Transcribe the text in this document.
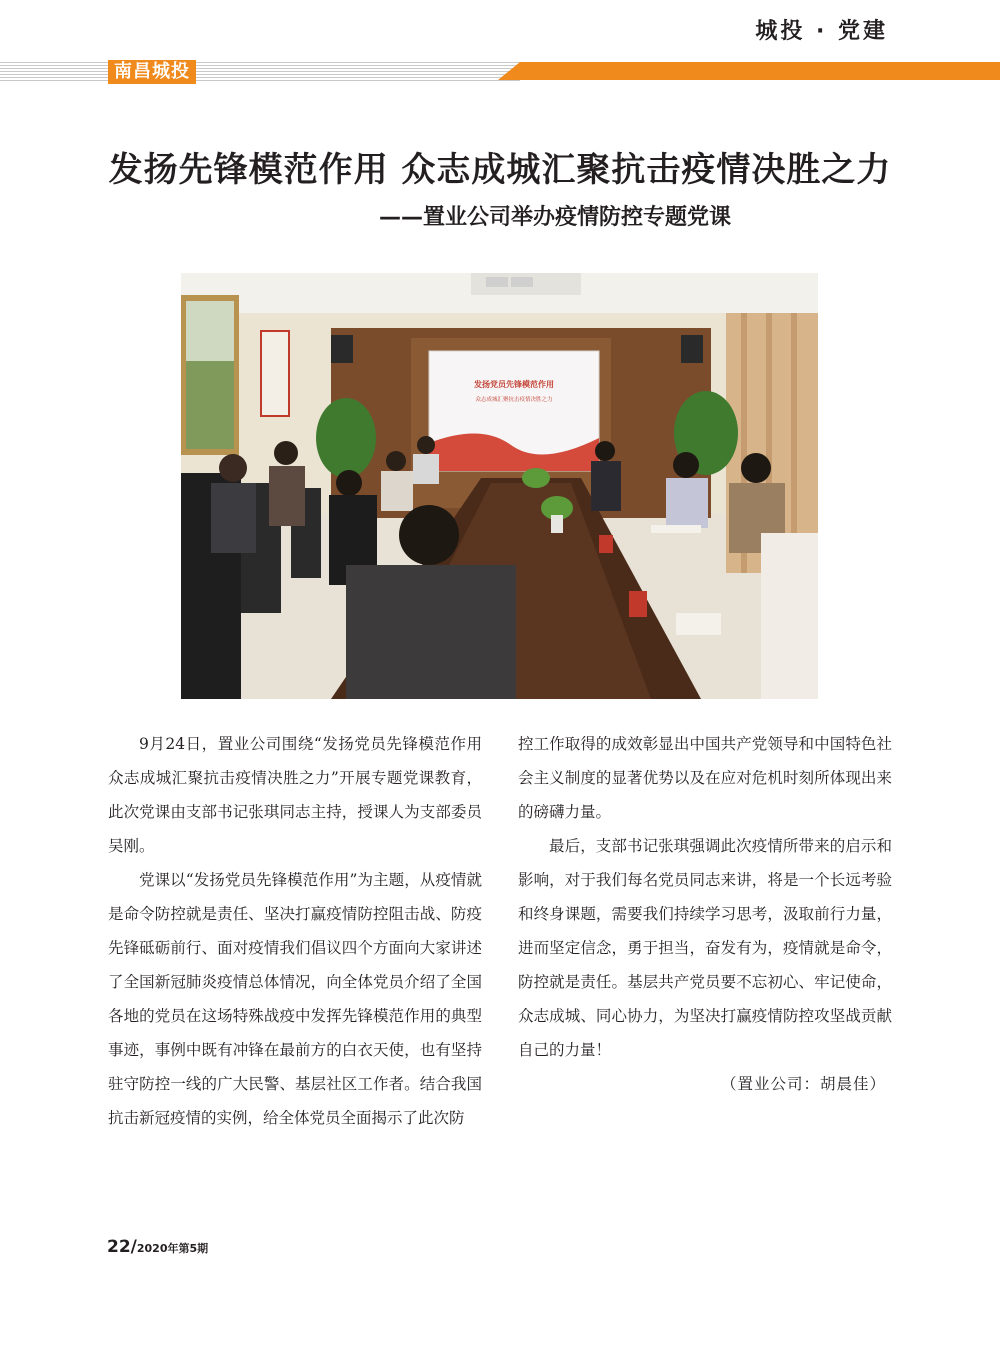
城投 · 党建
南昌城投
发扬先锋模范作用 众志成城汇聚抗击疫情决胜之力
——置业公司举办疫情防控专题党课
发扬党员先锋模范作用
众志成城汇聚抗击疫情决胜之力

9月24日，置业公司围绕“发扬党员先锋模范作用 众志成城汇聚抗击疫情决胜之力”开展专题党课教育，此次党课由支部书记张琪同志主持，授课人为支部委员吴刚。

党课以“发扬党员先锋模范作用”为主题，从疫情就是命令防控就是责任、坚决打赢疫情防控阻击战、防疫先锋砥砺前行、面对疫情我们倡议四个方面向大家讲述了全国新冠肺炎疫情总体情况，向全体党员介绍了全国各地的党员在这场特殊战疫中发挥先锋模范作用的典型事迹，事例中既有冲锋在最前方的白衣天使，也有坚持驻守防控一线的广大民警、基层社区工作者。结合我国抗击新冠疫情的实例，给全体党员全面揭示了此次防

控工作取得的成效彰显出中国共产党领导和中国特色社会主义制度的显著优势以及在应对危机时刻所体现出来的磅礴力量。

最后，支部书记张琪强调此次疫情所带来的启示和影响，对于我们每名党员同志来讲，将是一个长远考验和终身课题，需要我们持续学习思考，汲取前行力量，进而坚定信念，勇于担当，奋发有为，疫情就是命令，防控就是责任。基层共产党员要不忘初心、牢记使命，众志成城、同心协力，为坚决打赢疫情防控攻坚战贡献自己的力量！

（置业公司：胡晨佳）

22/2020年第5期
